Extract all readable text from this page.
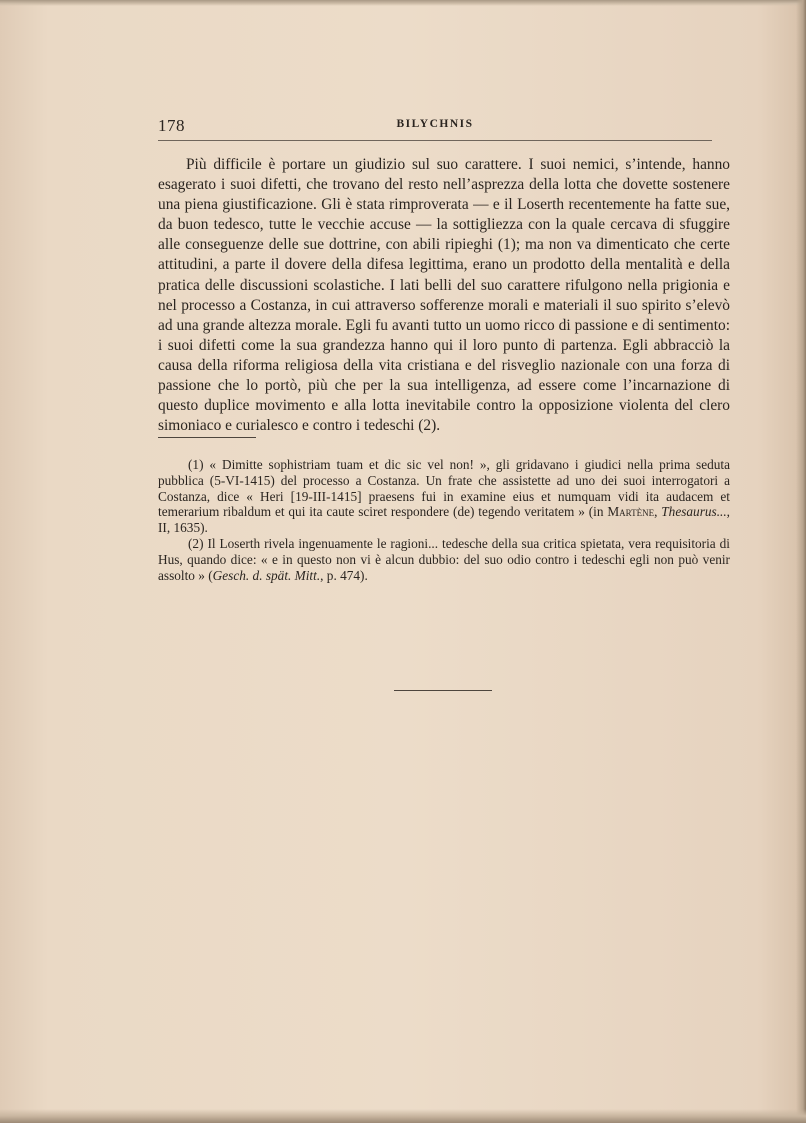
178	BILYCHNIS

Più difficile è portare un giudizio sul suo carattere. I suoi nemici, s’intende, hanno esagerato i suoi difetti, che trovano del resto nell’asprezza della lotta che dovette sostenere una piena giustificazione. Gli è stata rimproverata — e il Loserth recentemente ha fatte sue, da buon tedesco, tutte le vecchie accuse — la sottigliezza con la quale cercava di sfuggire alle conseguenze delle sue dottrine, con abili ripieghi (1); ma non va dimenticato che certe attitudini, a parte il dovere della difesa legittima, erano un prodotto della mentalità e della pratica delle discussioni scolastiche. I lati belli del suo carattere rifulgono nella prigionia e nel processo a Costanza, in cui attraverso sofferenze morali e materiali il suo spirito s’elevò ad una grande altezza morale. Egli fu avanti tutto un uomo ricco di passione e di sentimento: i suoi difetti come la sua grandezza hanno qui il loro punto di partenza. Egli abbracciò la causa della riforma religiosa della vita cristiana e del risveglio nazionale con una forza di passione che lo portò, più che per la sua intelligenza, ad essere come l’incarnazione di questo duplice movimento e alla lotta inevitabile contro la opposizione violenta del clero simoniaco e curialesco e contro i tedeschi (2).

(1) « Dimitte sophistriam tuam et dic sic vel non! », gli gridavano i giudici nella prima seduta pubblica (5-VI-1415) del processo a Costanza. Un frate che assistette ad uno dei suoi interrogatori a Costanza, dice « Heri [19-III-1415] praesens fui in examine eius et numquam vidi ita audacem et temerarium ribaldum et qui ita caute sciret respondere (de) tegendo veritatem » (in Martène, Thesaurus..., II, 1635).

(2) Il Loserth rivela ingenuamente le ragioni... tedesche della sua critica spietata, vera requisitoria di Hus, quando dice: « e in questo non vi è alcun dubbio: del suo odio contro i tedeschi egli non può venir assolto » (Gesch. d. spät. Mitt., p. 474).
